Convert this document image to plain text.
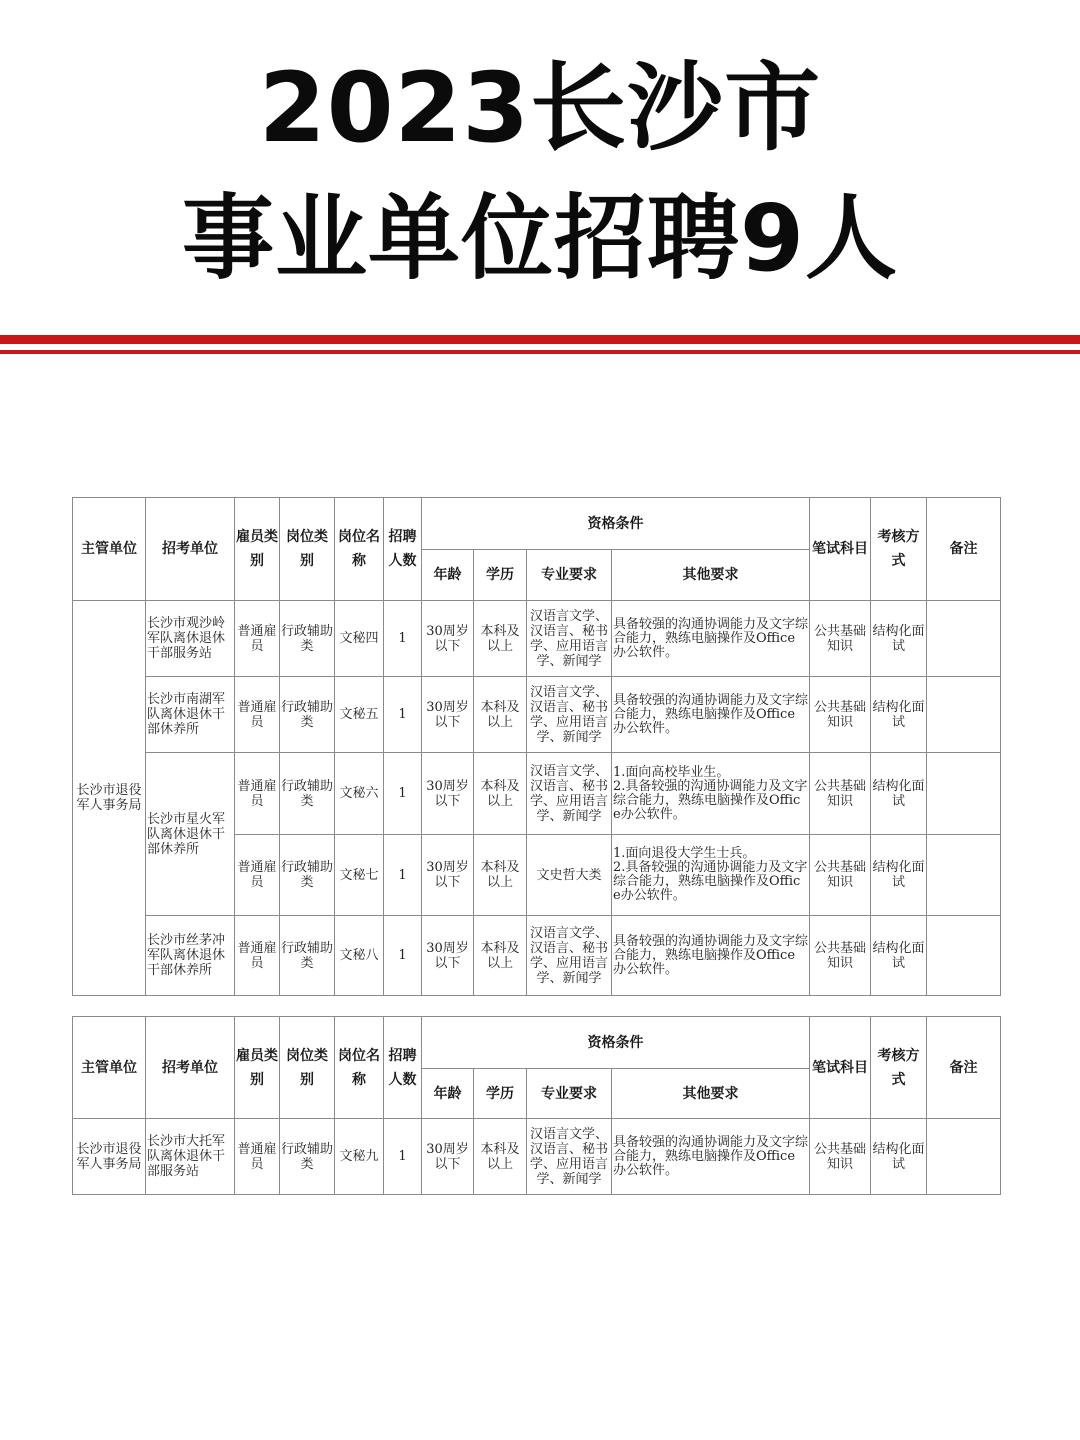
2023长沙市
事业单位招聘9人
主管单位	招考单位	雇员类别	岗位类别	岗位名称	招聘人数	资格条件				笔试科目	考核方式	备注
						年龄	学历	专业要求	其他要求			
长沙市退役军人事务局	长沙市观沙岭军队离休退休干部服务站	普通雇员	行政辅助类	文秘四	1	30周岁以下	本科及以上	汉语言文学、汉语言、秘书学、应用语言学、新闻学	具备较强的沟通协调能力及文字综合能力，熟练电脑操作及Office办公软件。	公共基础知识	结构化面试	
	长沙市南湖军队离休退休干部休养所	普通雇员	行政辅助类	文秘五	1	30周岁以下	本科及以上	汉语言文学、汉语言、秘书学、应用语言学、新闻学	具备较强的沟通协调能力及文字综合能力，熟练电脑操作及Office办公软件。	公共基础知识	结构化面试	
	长沙市星火军队离休退休干部休养所	普通雇员	行政辅助类	文秘六	1	30周岁以下	本科及以上	汉语言文学、汉语言、秘书学、应用语言学、新闻学	1.面向高校毕业生。
2.具备较强的沟通协调能力及文字综合能力，熟练电脑操作及Office办公软件。	公共基础知识	结构化面试	
		普通雇员	行政辅助类	文秘七	1	30周岁以下	本科及以上	文史哲大类	1.面向退役大学生士兵。
2.具备较强的沟通协调能力及文字综合能力，熟练电脑操作及Office办公软件。	公共基础知识	结构化面试	
	长沙市丝茅冲军队离休退休干部休养所	普通雇员	行政辅助类	文秘八	1	30周岁以下	本科及以上	汉语言文学、汉语言、秘书学、应用语言学、新闻学	具备较强的沟通协调能力及文字综合能力，熟练电脑操作及Office办公软件。	公共基础知识	结构化面试	
主管单位	招考单位	雇员类别	岗位类别	岗位名称	招聘人数	资格条件				笔试科目	考核方式	备注
						年龄	学历	专业要求	其他要求			
长沙市退役军人事务局	长沙市大托军队离休退休干部服务站	普通雇员	行政辅助类	文秘九	1	30周岁以下	本科及以上	汉语言文学、汉语言、秘书学、应用语言学、新闻学	具备较强的沟通协调能力及文字综合能力，熟练电脑操作及Office办公软件。	公共基础知识	结构化面试	
